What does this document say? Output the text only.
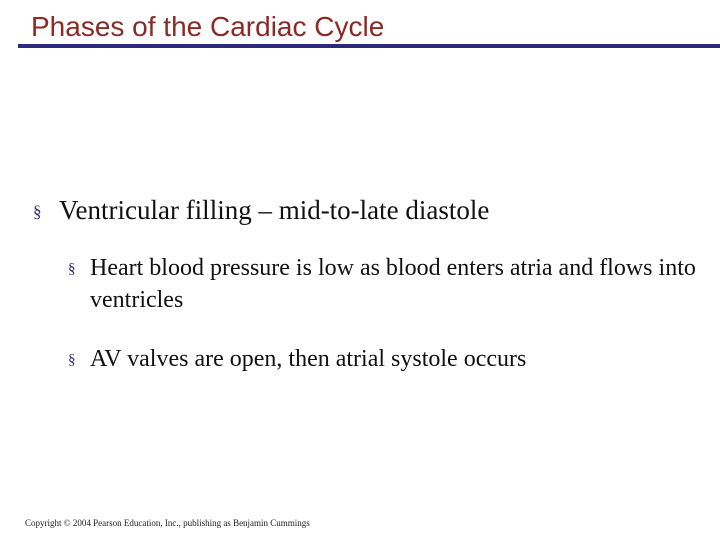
Phases of the Cardiac Cycle
§ Ventricular filling – mid-to-late diastole
§ Heart blood pressure is low as blood enters atria and flows into ventricles
§ AV valves are open, then atrial systole occurs
Copyright © 2004 Pearson Education, Inc., publishing as Benjamin Cummings
